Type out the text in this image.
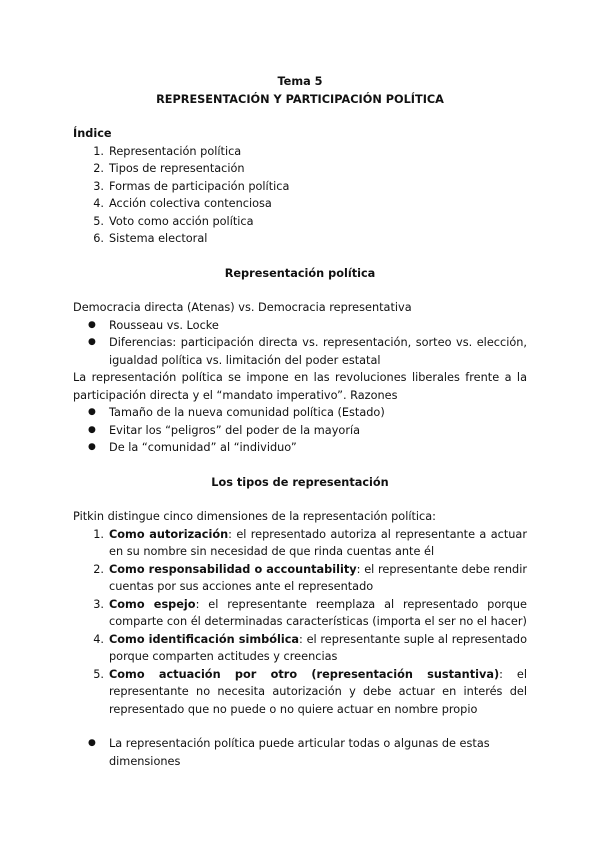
Tema 5
REPRESENTACIÓN Y PARTICIPACIÓN POLÍTICA
Índice
1. Representación política
2. Tipos de representación
3. Formas de participación política
4. Acción colectiva contenciosa
5. Voto como acción política
6. Sistema electoral
Representación política
Democracia directa (Atenas) vs. Democracia representativa
● Rousseau vs. Locke
● Diferencias: participación directa vs. representación, sorteo vs. elección, igualdad política vs. limitación del poder estatal
La representación política se impone en las revoluciones liberales frente a la participación directa y el “mandato imperativo”. Razones
● Tamaño de la nueva comunidad política (Estado)
● Evitar los “peligros” del poder de la mayoría
● De la “comunidad” al “individuo”
Los tipos de representación
Pitkin distingue cinco dimensiones de la representación política:
1. Como autorización: el representado autoriza al representante a actuar en su nombre sin necesidad de que rinda cuentas ante él
2. Como responsabilidad o accountability: el representante debe rendir cuentas por sus acciones ante el representado
3. Como espejo: el representante reemplaza al representado porque comparte con él determinadas características (importa el ser no el hacer)
4. Como identificación simbólica: el representante suple al representado porque comparten actitudes y creencias
5. Como actuación por otro (representación sustantiva): el representante no necesita autorización y debe actuar en interés del representado que no puede o no quiere actuar en nombre propio
● La representación política puede articular todas o algunas de estas dimensiones
